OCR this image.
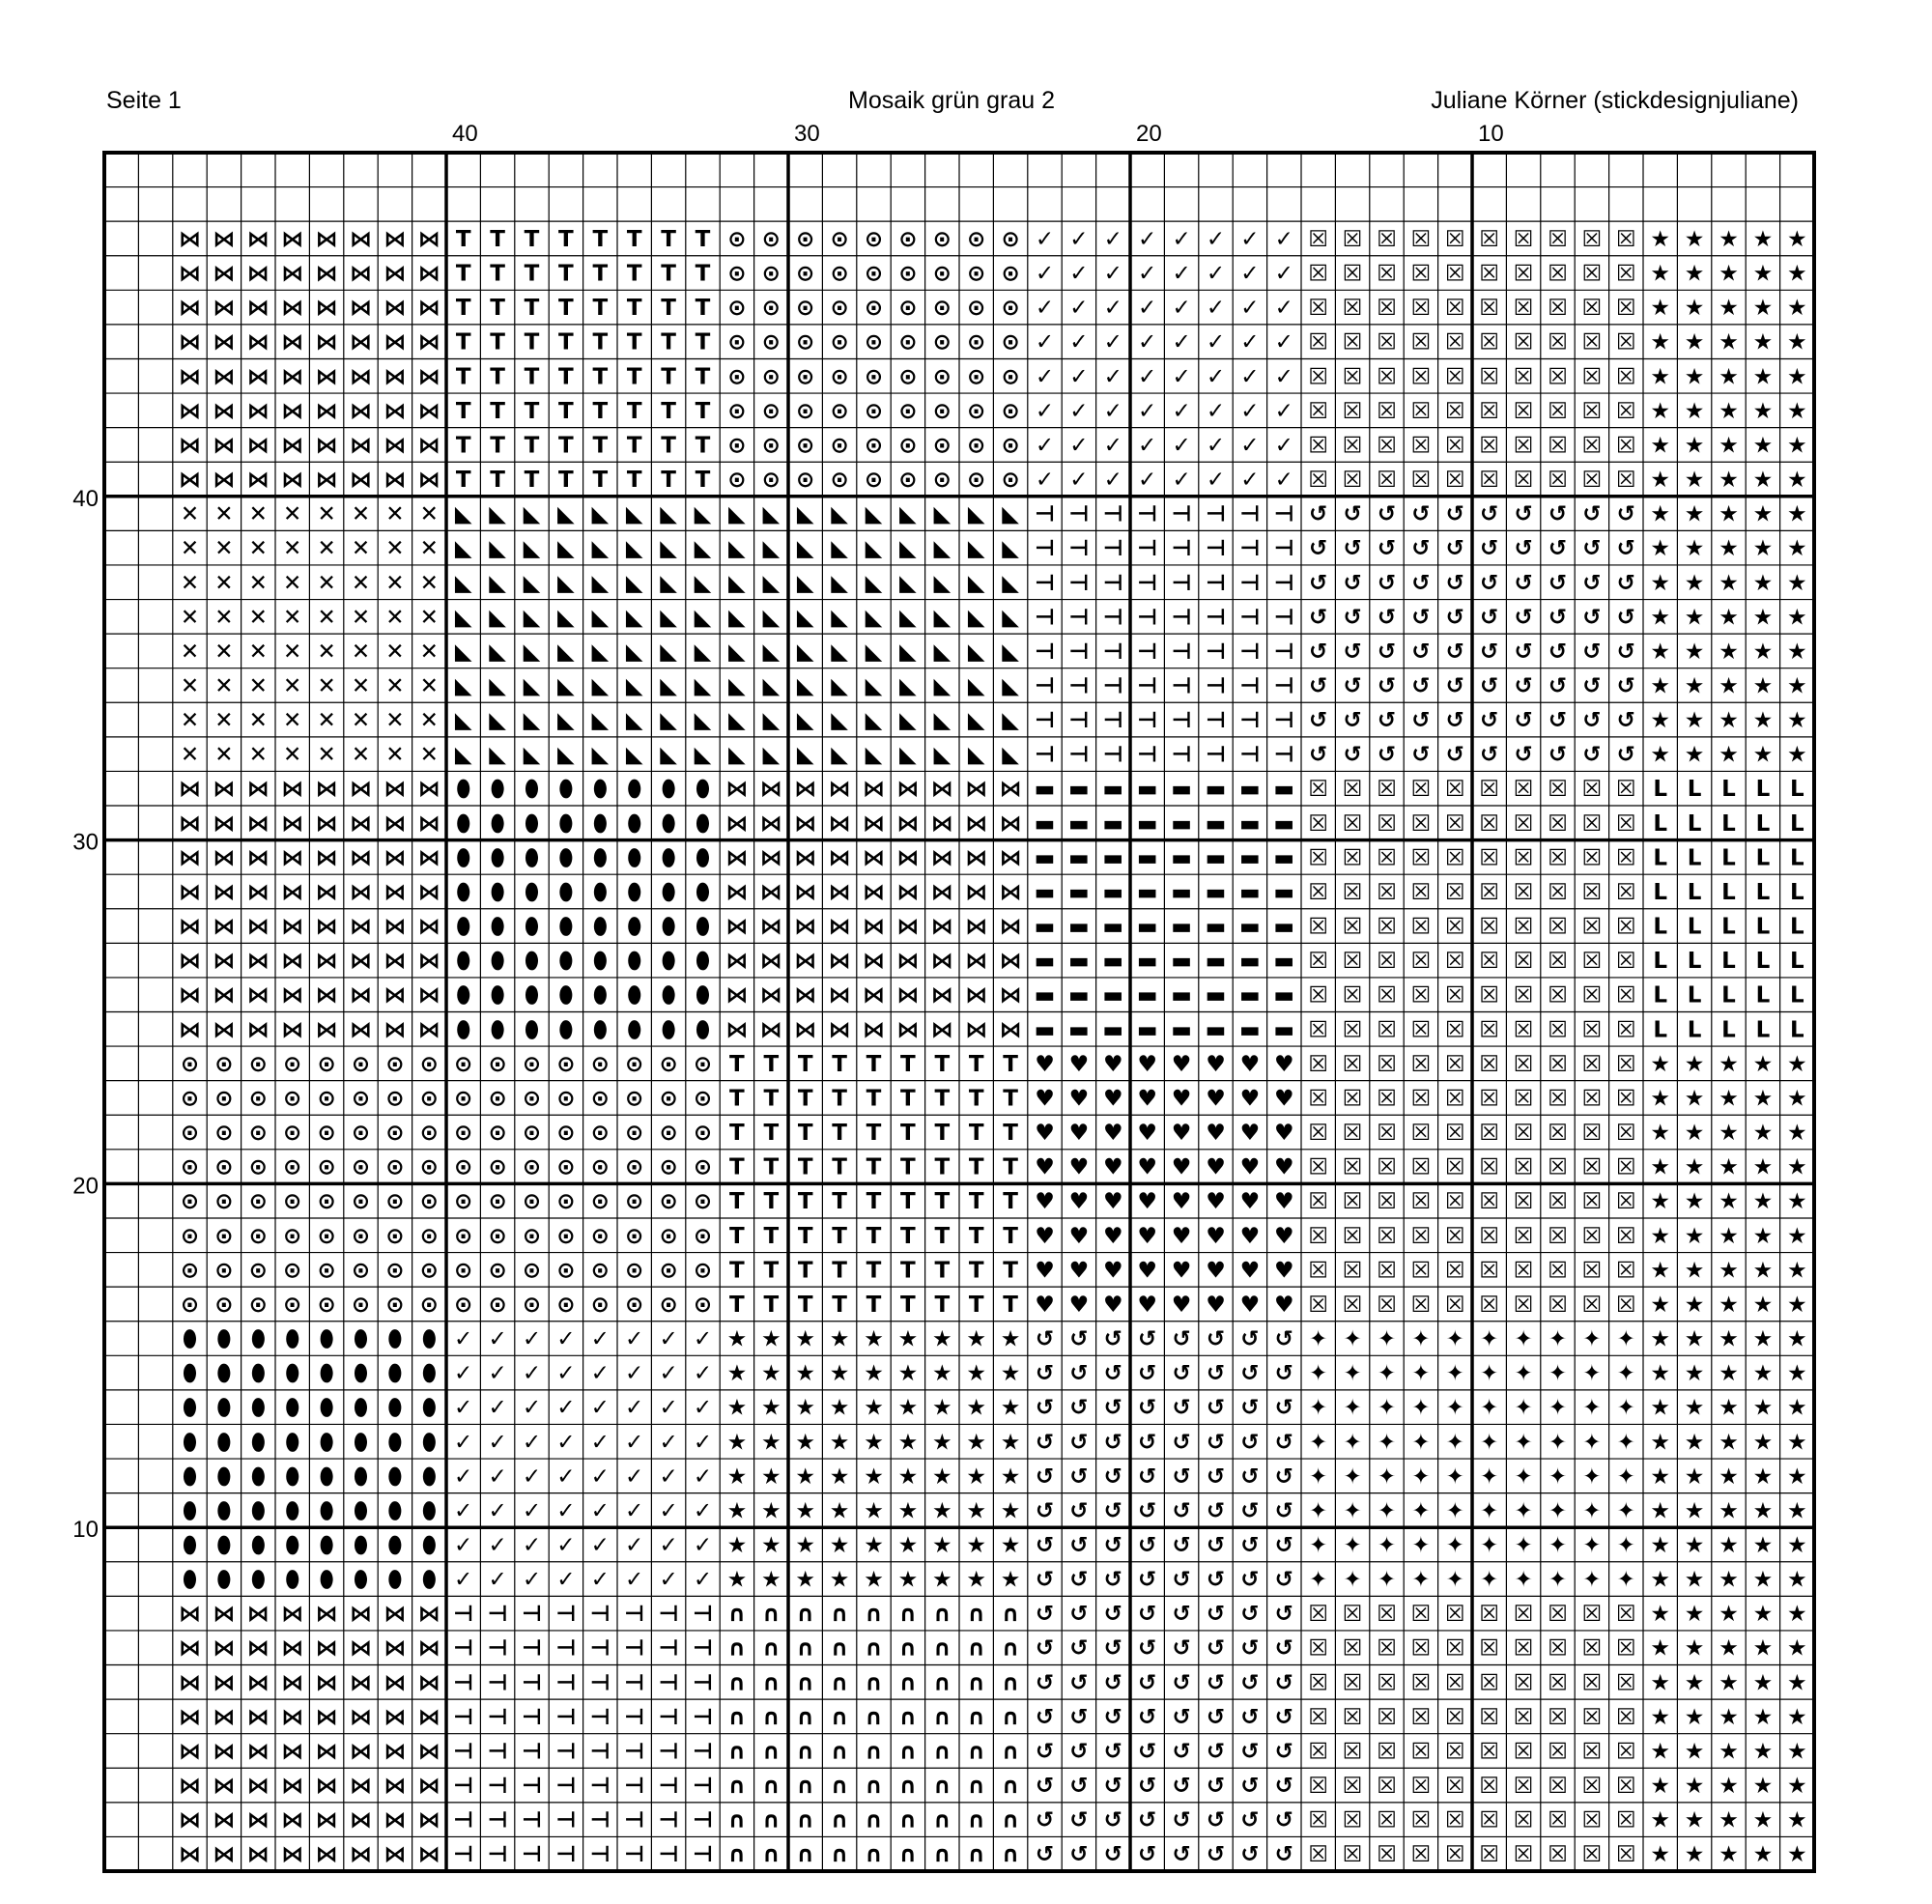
Seite 1	Mosaik grün grau 2	Juliane Körner (stickdesignjuliane)
⋈ ⋈ ⋈ ⋈ ⋈ ⋈ ⋈ ⋈ T T T T T T T T ⊙ ⊙ ⊙ ⊙ ⊙ ⊙ ⊙ ⊙ ⊙ ✓ ✓ ✓ ✓ ✓ ✓ ✓ ✓ ☒ ☒ ☒ ☒ ☒ ☒ ☒ ☒ ☒ ☒ ★ ★ ★ ★ ★
⋈ ⋈ ⋈ ⋈ ⋈ ⋈ ⋈ ⋈ T T T T T T T T ⊙ ⊙ ⊙ ⊙ ⊙ ⊙ ⊙ ⊙ ⊙ ✓ ✓ ✓ ✓ ✓ ✓ ✓ ✓ ☒ ☒ ☒ ☒ ☒ ☒ ☒ ☒ ☒ ☒ ★ ★ ★ ★ ★
⋈ ⋈ ⋈ ⋈ ⋈ ⋈ ⋈ ⋈ T T T T T T T T ⊙ ⊙ ⊙ ⊙ ⊙ ⊙ ⊙ ⊙ ⊙ ✓ ✓ ✓ ✓ ✓ ✓ ✓ ✓ ☒ ☒ ☒ ☒ ☒ ☒ ☒ ☒ ☒ ☒ ★ ★ ★ ★ ★
⋈ ⋈ ⋈ ⋈ ⋈ ⋈ ⋈ ⋈ T T T T T T T T ⊙ ⊙ ⊙ ⊙ ⊙ ⊙ ⊙ ⊙ ⊙ ✓ ✓ ✓ ✓ ✓ ✓ ✓ ✓ ☒ ☒ ☒ ☒ ☒ ☒ ☒ ☒ ☒ ☒ ★ ★ ★ ★ ★
⋈ ⋈ ⋈ ⋈ ⋈ ⋈ ⋈ ⋈ T T T T T T T T ⊙ ⊙ ⊙ ⊙ ⊙ ⊙ ⊙ ⊙ ⊙ ✓ ✓ ✓ ✓ ✓ ✓ ✓ ✓ ☒ ☒ ☒ ☒ ☒ ☒ ☒ ☒ ☒ ☒ ★ ★ ★ ★ ★
⋈ ⋈ ⋈ ⋈ ⋈ ⋈ ⋈ ⋈ T T T T T T T T ⊙ ⊙ ⊙ ⊙ ⊙ ⊙ ⊙ ⊙ ⊙ ✓ ✓ ✓ ✓ ✓ ✓ ✓ ✓ ☒ ☒ ☒ ☒ ☒ ☒ ☒ ☒ ☒ ☒ ★ ★ ★ ★ ★
⋈ ⋈ ⋈ ⋈ ⋈ ⋈ ⋈ ⋈ T T T T T T T T ⊙ ⊙ ⊙ ⊙ ⊙ ⊙ ⊙ ⊙ ⊙ ✓ ✓ ✓ ✓ ✓ ✓ ✓ ✓ ☒ ☒ ☒ ☒ ☒ ☒ ☒ ☒ ☒ ☒ ★ ★ ★ ★ ★
⋈ ⋈ ⋈ ⋈ ⋈ ⋈ ⋈ ⋈ T T T T T T T T ⊙ ⊙ ⊙ ⊙ ⊙ ⊙ ⊙ ⊙ ⊙ ✓ ✓ ✓ ✓ ✓ ✓ ✓ ✓ ☒ ☒ ☒ ☒ ☒ ☒ ☒ ☒ ☒ ☒ ★ ★ ★ ★ ★
✕ ✕ ✕ ✕ ✕ ✕ ✕ ✕ ◣ ◣ ◣ ◣ ◣ ◣ ◣ ◣ ◣ ◣ ◣ ◣ ◣ ◣ ◣ ◣ ◣ ⊣ ⊣ ⊣ ⊣ ⊣ ⊣ ⊣ ⊣ ↺ ↺ ↺ ↺ ↺ ↺ ↺ ↺ ↺ ↺ ★ ★ ★ ★ ★
✕ ✕ ✕ ✕ ✕ ✕ ✕ ✕ ◣ ◣ ◣ ◣ ◣ ◣ ◣ ◣ ◣ ◣ ◣ ◣ ◣ ◣ ◣ ◣ ◣ ⊣ ⊣ ⊣ ⊣ ⊣ ⊣ ⊣ ⊣ ↺ ↺ ↺ ↺ ↺ ↺ ↺ ↺ ↺ ↺ ★ ★ ★ ★ ★
✕ ✕ ✕ ✕ ✕ ✕ ✕ ✕ ◣ ◣ ◣ ◣ ◣ ◣ ◣ ◣ ◣ ◣ ◣ ◣ ◣ ◣ ◣ ◣ ◣ ⊣ ⊣ ⊣ ⊣ ⊣ ⊣ ⊣ ⊣ ↺ ↺ ↺ ↺ ↺ ↺ ↺ ↺ ↺ ↺ ★ ★ ★ ★ ★
✕ ✕ ✕ ✕ ✕ ✕ ✕ ✕ ◣ ◣ ◣ ◣ ◣ ◣ ◣ ◣ ◣ ◣ ◣ ◣ ◣ ◣ ◣ ◣ ◣ ⊣ ⊣ ⊣ ⊣ ⊣ ⊣ ⊣ ⊣ ↺ ↺ ↺ ↺ ↺ ↺ ↺ ↺ ↺ ↺ ★ ★ ★ ★ ★
✕ ✕ ✕ ✕ ✕ ✕ ✕ ✕ ◣ ◣ ◣ ◣ ◣ ◣ ◣ ◣ ◣ ◣ ◣ ◣ ◣ ◣ ◣ ◣ ◣ ⊣ ⊣ ⊣ ⊣ ⊣ ⊣ ⊣ ⊣ ↺ ↺ ↺ ↺ ↺ ↺ ↺ ↺ ↺ ↺ ★ ★ ★ ★ ★
✕ ✕ ✕ ✕ ✕ ✕ ✕ ✕ ◣ ◣ ◣ ◣ ◣ ◣ ◣ ◣ ◣ ◣ ◣ ◣ ◣ ◣ ◣ ◣ ◣ ⊣ ⊣ ⊣ ⊣ ⊣ ⊣ ⊣ ⊣ ↺ ↺ ↺ ↺ ↺ ↺ ↺ ↺ ↺ ↺ ★ ★ ★ ★ ★
✕ ✕ ✕ ✕ ✕ ✕ ✕ ✕ ◣ ◣ ◣ ◣ ◣ ◣ ◣ ◣ ◣ ◣ ◣ ◣ ◣ ◣ ◣ ◣ ◣ ⊣ ⊣ ⊣ ⊣ ⊣ ⊣ ⊣ ⊣ ↺ ↺ ↺ ↺ ↺ ↺ ↺ ↺ ↺ ↺ ★ ★ ★ ★ ★
✕ ✕ ✕ ✕ ✕ ✕ ✕ ✕ ◣ ◣ ◣ ◣ ◣ ◣ ◣ ◣ ◣ ◣ ◣ ◣ ◣ ◣ ◣ ◣ ◣ ⊣ ⊣ ⊣ ⊣ ⊣ ⊣ ⊣ ⊣ ↺ ↺ ↺ ↺ ↺ ↺ ↺ ↺ ↺ ↺ ★ ★ ★ ★ ★
⋈ ⋈ ⋈ ⋈ ⋈ ⋈ ⋈ ⋈ ⬮ ⬮ ⬮ ⬮ ⬮ ⬮ ⬮ ⬮ ⋈ ⋈ ⋈ ⋈ ⋈ ⋈ ⋈ ⋈ ⋈ ▬ ▬ ▬ ▬ ▬ ▬ ▬ ▬ ☒ ☒ ☒ ☒ ☒ ☒ ☒ ☒ ☒ ☒ L L L L L
⋈ ⋈ ⋈ ⋈ ⋈ ⋈ ⋈ ⋈ ⬮ ⬮ ⬮ ⬮ ⬮ ⬮ ⬮ ⬮ ⋈ ⋈ ⋈ ⋈ ⋈ ⋈ ⋈ ⋈ ⋈ ▬ ▬ ▬ ▬ ▬ ▬ ▬ ▬ ☒ ☒ ☒ ☒ ☒ ☒ ☒ ☒ ☒ ☒ L L L L L
⋈ ⋈ ⋈ ⋈ ⋈ ⋈ ⋈ ⋈ ⬮ ⬮ ⬮ ⬮ ⬮ ⬮ ⬮ ⬮ ⋈ ⋈ ⋈ ⋈ ⋈ ⋈ ⋈ ⋈ ⋈ ▬ ▬ ▬ ▬ ▬ ▬ ▬ ▬ ☒ ☒ ☒ ☒ ☒ ☒ ☒ ☒ ☒ ☒ L L L L L
⋈ ⋈ ⋈ ⋈ ⋈ ⋈ ⋈ ⋈ ⬮ ⬮ ⬮ ⬮ ⬮ ⬮ ⬮ ⬮ ⋈ ⋈ ⋈ ⋈ ⋈ ⋈ ⋈ ⋈ ⋈ ▬ ▬ ▬ ▬ ▬ ▬ ▬ ▬ ☒ ☒ ☒ ☒ ☒ ☒ ☒ ☒ ☒ ☒ L L L L L
⋈ ⋈ ⋈ ⋈ ⋈ ⋈ ⋈ ⋈ ⬮ ⬮ ⬮ ⬮ ⬮ ⬮ ⬮ ⬮ ⋈ ⋈ ⋈ ⋈ ⋈ ⋈ ⋈ ⋈ ⋈ ▬ ▬ ▬ ▬ ▬ ▬ ▬ ▬ ☒ ☒ ☒ ☒ ☒ ☒ ☒ ☒ ☒ ☒ L L L L L
⋈ ⋈ ⋈ ⋈ ⋈ ⋈ ⋈ ⋈ ⬮ ⬮ ⬮ ⬮ ⬮ ⬮ ⬮ ⬮ ⋈ ⋈ ⋈ ⋈ ⋈ ⋈ ⋈ ⋈ ⋈ ▬ ▬ ▬ ▬ ▬ ▬ ▬ ▬ ☒ ☒ ☒ ☒ ☒ ☒ ☒ ☒ ☒ ☒ L L L L L
⋈ ⋈ ⋈ ⋈ ⋈ ⋈ ⋈ ⋈ ⬮ ⬮ ⬮ ⬮ ⬮ ⬮ ⬮ ⬮ ⋈ ⋈ ⋈ ⋈ ⋈ ⋈ ⋈ ⋈ ⋈ ▬ ▬ ▬ ▬ ▬ ▬ ▬ ▬ ☒ ☒ ☒ ☒ ☒ ☒ ☒ ☒ ☒ ☒ L L L L L
⋈ ⋈ ⋈ ⋈ ⋈ ⋈ ⋈ ⋈ ⬮ ⬮ ⬮ ⬮ ⬮ ⬮ ⬮ ⬮ ⋈ ⋈ ⋈ ⋈ ⋈ ⋈ ⋈ ⋈ ⋈ ▬ ▬ ▬ ▬ ▬ ▬ ▬ ▬ ☒ ☒ ☒ ☒ ☒ ☒ ☒ ☒ ☒ ☒ L L L L L
⊙ ⊙ ⊙ ⊙ ⊙ ⊙ ⊙ ⊙ ⊙ ⊙ ⊙ ⊙ ⊙ ⊙ ⊙ ⊙ T T T T T T T T T ♥ ♥ ♥ ♥ ♥ ♥ ♥ ♥ ☒ ☒ ☒ ☒ ☒ ☒ ☒ ☒ ☒ ☒ ★ ★ ★ ★ ★
⊙ ⊙ ⊙ ⊙ ⊙ ⊙ ⊙ ⊙ ⊙ ⊙ ⊙ ⊙ ⊙ ⊙ ⊙ ⊙ T T T T T T T T T ♥ ♥ ♥ ♥ ♥ ♥ ♥ ♥ ☒ ☒ ☒ ☒ ☒ ☒ ☒ ☒ ☒ ☒ ★ ★ ★ ★ ★
⊙ ⊙ ⊙ ⊙ ⊙ ⊙ ⊙ ⊙ ⊙ ⊙ ⊙ ⊙ ⊙ ⊙ ⊙ ⊙ T T T T T T T T T ♥ ♥ ♥ ♥ ♥ ♥ ♥ ♥ ☒ ☒ ☒ ☒ ☒ ☒ ☒ ☒ ☒ ☒ ★ ★ ★ ★ ★
⊙ ⊙ ⊙ ⊙ ⊙ ⊙ ⊙ ⊙ ⊙ ⊙ ⊙ ⊙ ⊙ ⊙ ⊙ ⊙ T T T T T T T T T ♥ ♥ ♥ ♥ ♥ ♥ ♥ ♥ ☒ ☒ ☒ ☒ ☒ ☒ ☒ ☒ ☒ ☒ ★ ★ ★ ★ ★
⊙ ⊙ ⊙ ⊙ ⊙ ⊙ ⊙ ⊙ ⊙ ⊙ ⊙ ⊙ ⊙ ⊙ ⊙ ⊙ T T T T T T T T T ♥ ♥ ♥ ♥ ♥ ♥ ♥ ♥ ☒ ☒ ☒ ☒ ☒ ☒ ☒ ☒ ☒ ☒ ★ ★ ★ ★ ★
⊙ ⊙ ⊙ ⊙ ⊙ ⊙ ⊙ ⊙ ⊙ ⊙ ⊙ ⊙ ⊙ ⊙ ⊙ ⊙ T T T T T T T T T ♥ ♥ ♥ ♥ ♥ ♥ ♥ ♥ ☒ ☒ ☒ ☒ ☒ ☒ ☒ ☒ ☒ ☒ ★ ★ ★ ★ ★
⊙ ⊙ ⊙ ⊙ ⊙ ⊙ ⊙ ⊙ ⊙ ⊙ ⊙ ⊙ ⊙ ⊙ ⊙ ⊙ T T T T T T T T T ♥ ♥ ♥ ♥ ♥ ♥ ♥ ♥ ☒ ☒ ☒ ☒ ☒ ☒ ☒ ☒ ☒ ☒ ★ ★ ★ ★ ★
⊙ ⊙ ⊙ ⊙ ⊙ ⊙ ⊙ ⊙ ⊙ ⊙ ⊙ ⊙ ⊙ ⊙ ⊙ ⊙ T T T T T T T T T ♥ ♥ ♥ ♥ ♥ ♥ ♥ ♥ ☒ ☒ ☒ ☒ ☒ ☒ ☒ ☒ ☒ ☒ ★ ★ ★ ★ ★
⬮ ⬮ ⬮ ⬮ ⬮ ⬮ ⬮ ⬮ ✓ ✓ ✓ ✓ ✓ ✓ ✓ ✓ ★ ★ ★ ★ ★ ★ ★ ★ ★ ↺ ↺ ↺ ↺ ↺ ↺ ↺ ↺ ✦ ✦ ✦ ✦ ✦ ✦ ✦ ✦ ✦ ✦ ★ ★ ★ ★ ★
⬮ ⬮ ⬮ ⬮ ⬮ ⬮ ⬮ ⬮ ✓ ✓ ✓ ✓ ✓ ✓ ✓ ✓ ★ ★ ★ ★ ★ ★ ★ ★ ★ ↺ ↺ ↺ ↺ ↺ ↺ ↺ ↺ ✦ ✦ ✦ ✦ ✦ ✦ ✦ ✦ ✦ ✦ ★ ★ ★ ★ ★
⬮ ⬮ ⬮ ⬮ ⬮ ⬮ ⬮ ⬮ ✓ ✓ ✓ ✓ ✓ ✓ ✓ ✓ ★ ★ ★ ★ ★ ★ ★ ★ ★ ↺ ↺ ↺ ↺ ↺ ↺ ↺ ↺ ✦ ✦ ✦ ✦ ✦ ✦ ✦ ✦ ✦ ✦ ★ ★ ★ ★ ★
⬮ ⬮ ⬮ ⬮ ⬮ ⬮ ⬮ ⬮ ✓ ✓ ✓ ✓ ✓ ✓ ✓ ✓ ★ ★ ★ ★ ★ ★ ★ ★ ★ ↺ ↺ ↺ ↺ ↺ ↺ ↺ ↺ ✦ ✦ ✦ ✦ ✦ ✦ ✦ ✦ ✦ ✦ ★ ★ ★ ★ ★
⬮ ⬮ ⬮ ⬮ ⬮ ⬮ ⬮ ⬮ ✓ ✓ ✓ ✓ ✓ ✓ ✓ ✓ ★ ★ ★ ★ ★ ★ ★ ★ ★ ↺ ↺ ↺ ↺ ↺ ↺ ↺ ↺ ✦ ✦ ✦ ✦ ✦ ✦ ✦ ✦ ✦ ✦ ★ ★ ★ ★ ★
⬮ ⬮ ⬮ ⬮ ⬮ ⬮ ⬮ ⬮ ✓ ✓ ✓ ✓ ✓ ✓ ✓ ✓ ★ ★ ★ ★ ★ ★ ★ ★ ★ ↺ ↺ ↺ ↺ ↺ ↺ ↺ ↺ ✦ ✦ ✦ ✦ ✦ ✦ ✦ ✦ ✦ ✦ ★ ★ ★ ★ ★
⬮ ⬮ ⬮ ⬮ ⬮ ⬮ ⬮ ⬮ ✓ ✓ ✓ ✓ ✓ ✓ ✓ ✓ ★ ★ ★ ★ ★ ★ ★ ★ ★ ↺ ↺ ↺ ↺ ↺ ↺ ↺ ↺ ✦ ✦ ✦ ✦ ✦ ✦ ✦ ✦ ✦ ✦ ★ ★ ★ ★ ★
⬮ ⬮ ⬮ ⬮ ⬮ ⬮ ⬮ ⬮ ✓ ✓ ✓ ✓ ✓ ✓ ✓ ✓ ★ ★ ★ ★ ★ ★ ★ ★ ★ ↺ ↺ ↺ ↺ ↺ ↺ ↺ ↺ ✦ ✦ ✦ ✦ ✦ ✦ ✦ ✦ ✦ ✦ ★ ★ ★ ★ ★
⋈ ⋈ ⋈ ⋈ ⋈ ⋈ ⋈ ⋈ ⊣ ⊣ ⊣ ⊣ ⊣ ⊣ ⊣ ⊣ ∩ ∩ ∩ ∩ ∩ ∩ ∩ ∩ ∩ ↺ ↺ ↺ ↺ ↺ ↺ ↺ ↺ ☒ ☒ ☒ ☒ ☒ ☒ ☒ ☒ ☒ ☒ ★ ★ ★ ★ ★
⋈ ⋈ ⋈ ⋈ ⋈ ⋈ ⋈ ⋈ ⊣ ⊣ ⊣ ⊣ ⊣ ⊣ ⊣ ⊣ ∩ ∩ ∩ ∩ ∩ ∩ ∩ ∩ ∩ ↺ ↺ ↺ ↺ ↺ ↺ ↺ ↺ ☒ ☒ ☒ ☒ ☒ ☒ ☒ ☒ ☒ ☒ ★ ★ ★ ★ ★
⋈ ⋈ ⋈ ⋈ ⋈ ⋈ ⋈ ⋈ ⊣ ⊣ ⊣ ⊣ ⊣ ⊣ ⊣ ⊣ ∩ ∩ ∩ ∩ ∩ ∩ ∩ ∩ ∩ ↺ ↺ ↺ ↺ ↺ ↺ ↺ ↺ ☒ ☒ ☒ ☒ ☒ ☒ ☒ ☒ ☒ ☒ ★ ★ ★ ★ ★
⋈ ⋈ ⋈ ⋈ ⋈ ⋈ ⋈ ⋈ ⊣ ⊣ ⊣ ⊣ ⊣ ⊣ ⊣ ⊣ ∩ ∩ ∩ ∩ ∩ ∩ ∩ ∩ ∩ ↺ ↺ ↺ ↺ ↺ ↺ ↺ ↺ ☒ ☒ ☒ ☒ ☒ ☒ ☒ ☒ ☒ ☒ ★ ★ ★ ★ ★
⋈ ⋈ ⋈ ⋈ ⋈ ⋈ ⋈ ⋈ ⊣ ⊣ ⊣ ⊣ ⊣ ⊣ ⊣ ⊣ ∩ ∩ ∩ ∩ ∩ ∩ ∩ ∩ ∩ ↺ ↺ ↺ ↺ ↺ ↺ ↺ ↺ ☒ ☒ ☒ ☒ ☒ ☒ ☒ ☒ ☒ ☒ ★ ★ ★ ★ ★
⋈ ⋈ ⋈ ⋈ ⋈ ⋈ ⋈ ⋈ ⊣ ⊣ ⊣ ⊣ ⊣ ⊣ ⊣ ⊣ ∩ ∩ ∩ ∩ ∩ ∩ ∩ ∩ ∩ ↺ ↺ ↺ ↺ ↺ ↺ ↺ ↺ ☒ ☒ ☒ ☒ ☒ ☒ ☒ ☒ ☒ ☒ ★ ★ ★ ★ ★
⋈ ⋈ ⋈ ⋈ ⋈ ⋈ ⋈ ⋈ ⊣ ⊣ ⊣ ⊣ ⊣ ⊣ ⊣ ⊣ ∩ ∩ ∩ ∩ ∩ ∩ ∩ ∩ ∩ ↺ ↺ ↺ ↺ ↺ ↺ ↺ ↺ ☒ ☒ ☒ ☒ ☒ ☒ ☒ ☒ ☒ ☒ ★ ★ ★ ★ ★
⋈ ⋈ ⋈ ⋈ ⋈ ⋈ ⋈ ⋈ ⊣ ⊣ ⊣ ⊣ ⊣ ⊣ ⊣ ⊣ ∩ ∩ ∩ ∩ ∩ ∩ ∩ ∩ ∩ ↺ ↺ ↺ ↺ ↺ ↺ ↺ ↺ ☒ ☒ ☒ ☒ ☒ ☒ ☒ ☒ ☒ ☒ ★ ★ ★ ★ ★
40	30	20	10
40
30
20
10
